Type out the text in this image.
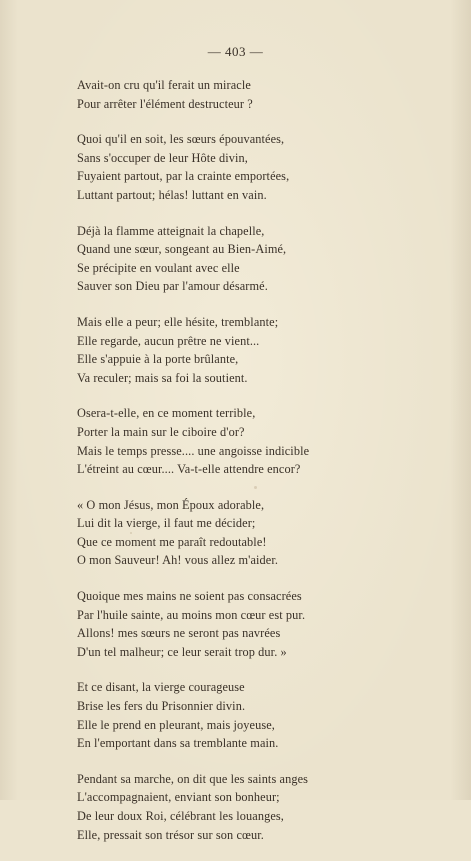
— 403 —
Avait-on cru qu'il ferait un miracle
Pour arrêter l'élément destructeur ?
Quoi qu'il en soit, les sœurs épouvantées,
Sans s'occuper de leur Hôte divin,
Fuyaient partout, par la crainte emportées,
Luttant partout; hélas! luttant en vain.
Déjà la flamme atteignait la chapelle,
Quand une sœur, songeant au Bien-Aimé,
Se précipite en voulant avec elle
Sauver son Dieu par l'amour désarmé.
Mais elle a peur; elle hésite, tremblante;
Elle regarde, aucun prêtre ne vient...
Elle s'appuie à la porte brûlante,
Va reculer; mais sa foi la soutient.
Osera-t-elle, en ce moment terrible,
Porter la main sur le ciboire d'or?
Mais le temps presse.... une angoisse indicible
L'étreint au cœur.... Va-t-elle attendre encor?
« O mon Jésus, mon Époux adorable,
Lui dit la vierge, il faut me décider;
Que ce moment me paraît redoutable!
O mon Sauveur! Ah! vous allez m'aider.
Quoique mes mains ne soient pas consacrées
Par l'huile sainte, au moins mon cœur est pur.
Allons! mes sœurs ne seront pas navrées
D'un tel malheur; ce leur serait trop dur. »
Et ce disant, la vierge courageuse
Brise les fers du Prisonnier divin.
Elle le prend en pleurant, mais joyeuse,
En l'emportant dans sa tremblante main.
Pendant sa marche, on dit que les saints anges
L'accompagnaient, enviant son bonheur;
De leur doux Roi, célébrant les louanges,
Elle, pressait son trésor sur son cœur.
